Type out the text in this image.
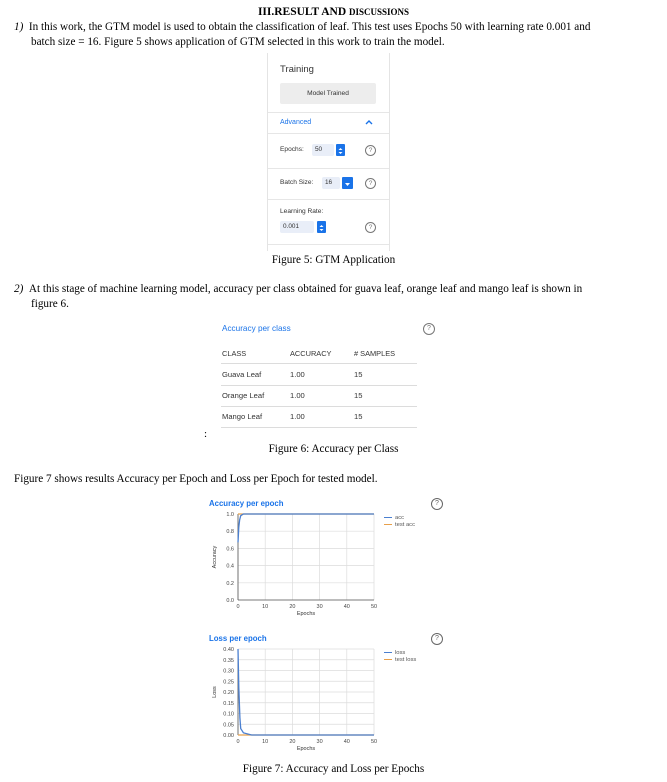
III.RESULT AND DISCUSSIONS
1) In this work, the GTM model is used to obtain the classification of leaf. This test uses Epochs 50 with learning rate 0.001 and
batch size = 16. Figure 5 shows application of GTM selected in this work to train the model.
Training
Model Trained
Advanced
Epochs:	50	?
Batch Size:	16	?
Learning Rate:
0.001	?
Figure 5: GTM Application
2) At this stage of machine learning model, accuracy per class obtained for guava leaf, orange leaf and mango leaf is shown in
figure 6.
Accuracy per class	?
CLASS	ACCURACY	# SAMPLES
Guava Leaf	1.00	15
Orange Leaf	1.00	15
Mango Leaf	1.00	15
:
Figure 6: Accuracy per Class
Figure 7 shows results Accuracy per Epoch and Loss per Epoch for tested model.
Accuracy per epoch	?
0	10	20	30	40	50
0.0
0.2
0.4
0.6
0.8
1.0
Epochs
Accuracy
acc
test acc
Loss per epoch	?
0	10	20	30	40	50
0.00
0.05
0.10
0.15
0.20
0.25
0.30
0.35
0.40
Epochs
Loss
loss
test loss
Figure 7: Accuracy and Loss per Epochs
